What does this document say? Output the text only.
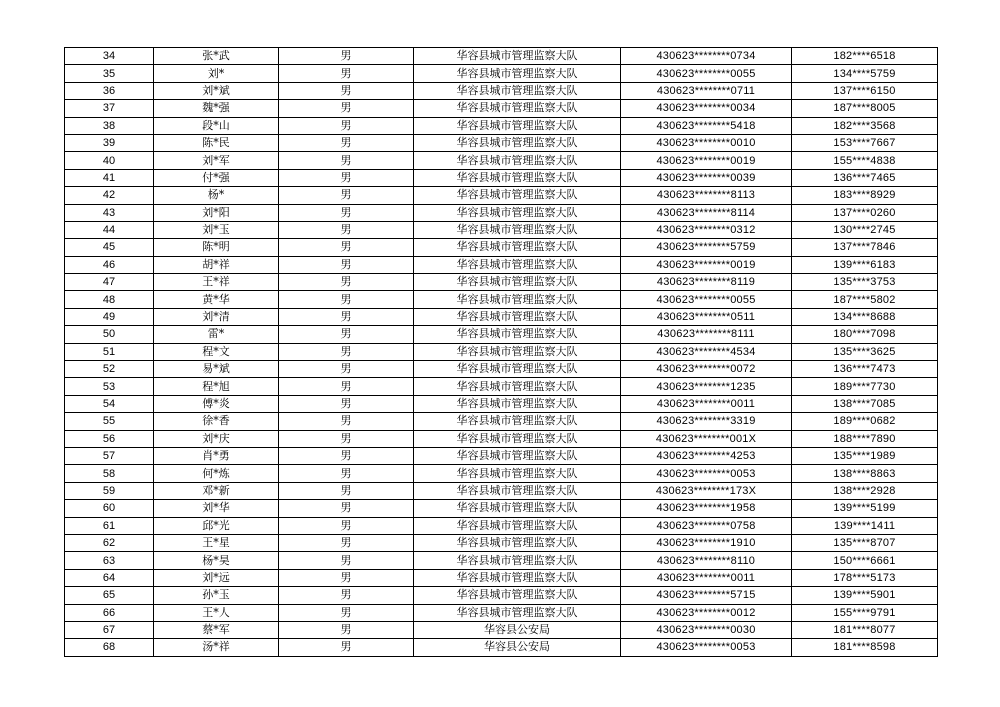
34	张*武	男	华容县城市管理监察大队	430623********0734	182****6518
35	刘*	男	华容县城市管理监察大队	430623********0055	134****5759
36	刘*斌	男	华容县城市管理监察大队	430623********0711	137****6150
37	魏*强	男	华容县城市管理监察大队	430623********0034	187****8005
38	段*山	男	华容县城市管理监察大队	430623********5418	182****3568
39	陈*民	男	华容县城市管理监察大队	430623********0010	153****7667
40	刘*军	男	华容县城市管理监察大队	430623********0019	155****4838
41	付*强	男	华容县城市管理监察大队	430623********0039	136****7465
42	杨*	男	华容县城市管理监察大队	430623********8113	183****8929
43	刘*阳	男	华容县城市管理监察大队	430623********8114	137****0260
44	刘*玉	男	华容县城市管理监察大队	430623********0312	130****2745
45	陈*明	男	华容县城市管理监察大队	430623********5759	137****7846
46	胡*祥	男	华容县城市管理监察大队	430623********0019	139****6183
47	王*祥	男	华容县城市管理监察大队	430623********8119	135****3753
48	黄*华	男	华容县城市管理监察大队	430623********0055	187****5802
49	刘*清	男	华容县城市管理监察大队	430623********0511	134****8688
50	雷*	男	华容县城市管理监察大队	430623********8111	180****7098
51	程*文	男	华容县城市管理监察大队	430623********4534	135****3625
52	易*斌	男	华容县城市管理监察大队	430623********0072	136****7473
53	程*旭	男	华容县城市管理监察大队	430623********1235	189****7730
54	傅*炎	男	华容县城市管理监察大队	430623********0011	138****7085
55	徐*香	男	华容县城市管理监察大队	430623********3319	189****0682
56	刘*庆	男	华容县城市管理监察大队	430623********001X	188****7890
57	肖*勇	男	华容县城市管理监察大队	430623********4253	135****1989
58	何*炼	男	华容县城市管理监察大队	430623********0053	138****8863
59	邓*新	男	华容县城市管理监察大队	430623********173X	138****2928
60	刘*华	男	华容县城市管理监察大队	430623********1958	139****5199
61	邱*光	男	华容县城市管理监察大队	430623********0758	139****1411
62	王*星	男	华容县城市管理监察大队	430623********1910	135****8707
63	杨*昊	男	华容县城市管理监察大队	430623********8110	150****6661
64	刘*远	男	华容县城市管理监察大队	430623********0011	178****5173
65	孙*玉	男	华容县城市管理监察大队	430623********5715	139****5901
66	王*人	男	华容县城市管理监察大队	430623********0012	155****9791
67	蔡*军	男	华容县公安局	430623********0030	181****8077
68	汤*祥	男	华容县公安局	430623********0053	181****8598
